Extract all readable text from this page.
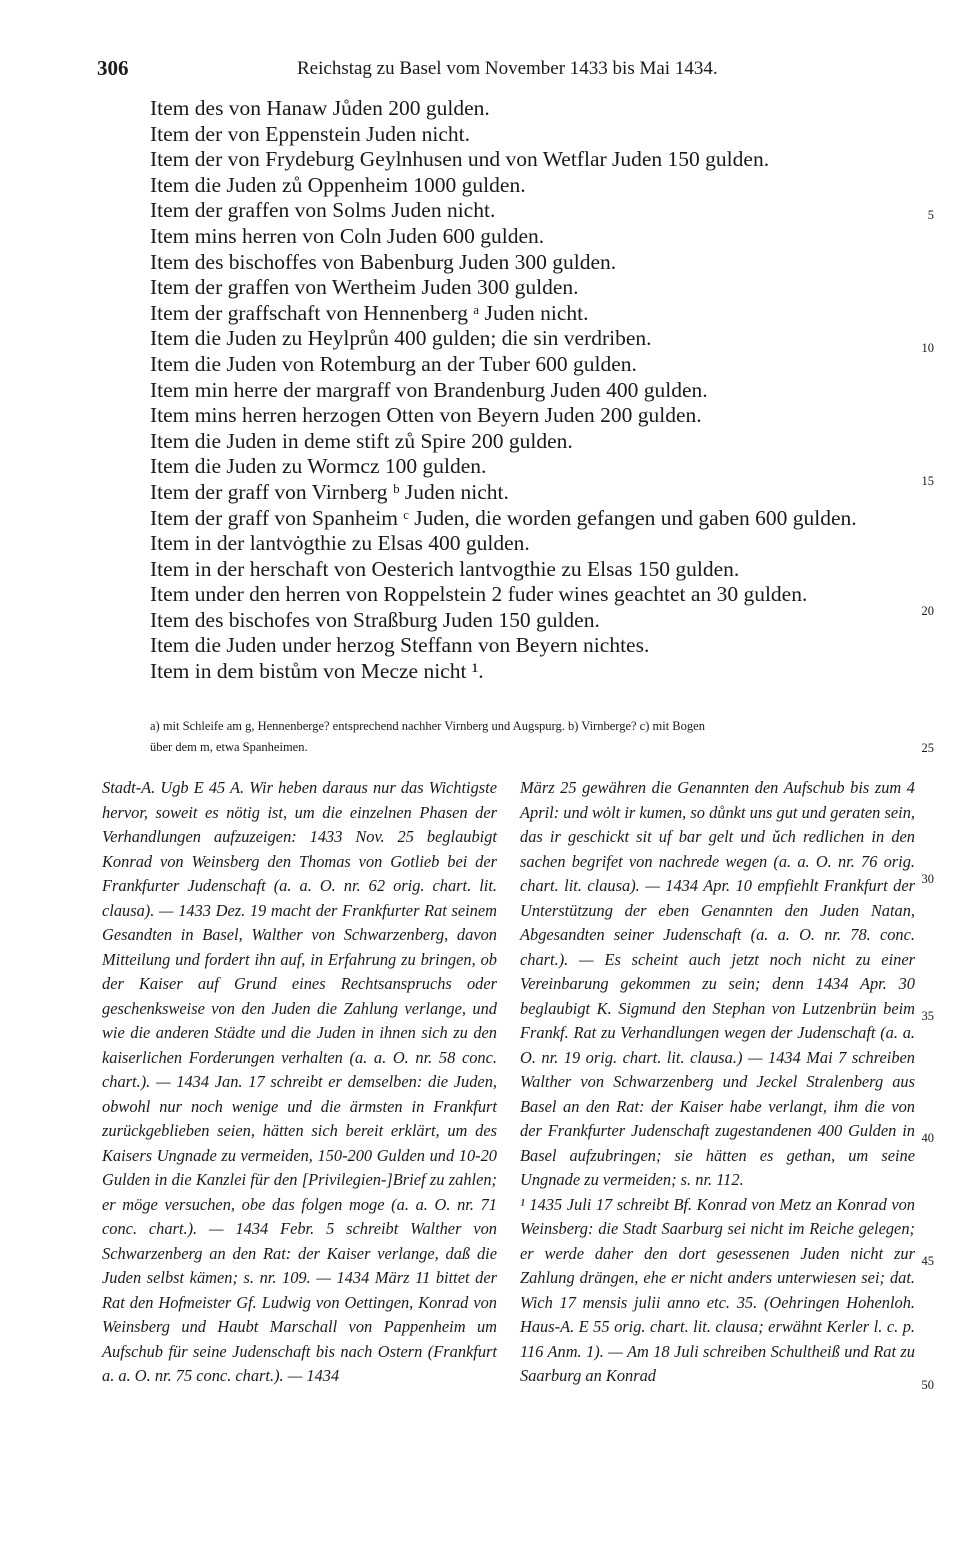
306	Reichstag zu Basel vom November 1433 bis Mai 1434.
Item des von Hanaw Jůden 200 gulden.
Item der von Eppenstein Juden nicht.
Item der von Frydeburg Geylnhusen und von Wetflar Juden 150 gulden.
Item die Juden zů Oppenheim 1000 gulden.
Item der graffen von Solms Juden nicht.
Item mins herren von Coln Juden 600 gulden.
Item des bischoffes von Babenburg Juden 300 gulden.
Item der graffen von Wertheim Juden 300 gulden.
Item der graffschaft von Hennenberg ᵃ Juden nicht.
Item die Juden zu Heylprůn 400 gulden; die sin verdriben.
Item die Juden von Rotemburg an der Tuber 600 gulden.
Item min herre der margraff von Brandenburg Juden 400 gulden.
Item mins herren herzogen Otten von Beyern Juden 200 gulden.
Item die Juden in deme stift zů Spire 200 gulden.
Item die Juden zu Wormcz 100 gulden.
Item der graff von Virnberg ᵇ Juden nicht.
Item der graff von Spanheim ᶜ Juden, die worden gefangen und gaben 600 gulden.
Item in der lantvȯgthie zu Elsas 400 gulden.
Item in der herschaft von Oesterich lantvogthie zu Elsas 150 gulden.
Item under den herren von Roppelstein 2 fuder wines geachtet an 30 gulden.
Item des bischofes von Straßburg Juden 150 gulden.
Item die Juden under herzog Steffann von Beyern nichtes.
Item in dem bistům von Mecze nicht ¹.
5
10
15
20
25
30
35
40
45
50
a) mit Schleife am g, Hennenberge? entsprechend nachher Virnberg und Augspurg. b) Virnberge? c) mit Bogen
über dem m, etwa Spanheimen.

Stadt-A. Ugb E 45 A. Wir heben daraus nur das Wichtigste hervor, soweit es nötig ist, um die einzelnen Phasen der Verhandlungen aufzuzeigen: 1433 Nov. 25 beglaubigt Konrad von Weinsberg den Thomas von Gotlieb bei der Frankfurter Judenschaft (a. a. O. nr. 62 orig. chart. lit. clausa). — 1433 Dez. 19 macht der Frankfurter Rat seinem Gesandten in Basel, Walther von Schwarzenberg, davon Mitteilung und fordert ihn auf, in Erfahrung zu bringen, ob der Kaiser auf Grund eines Rechtsanspruchs oder geschenksweise von den Juden die Zahlung verlange, und wie die anderen Städte und die Juden in ihnen sich zu den kaiserlichen Forderungen verhalten (a. a. O. nr. 58 conc. chart.). — 1434 Jan. 17 schreibt er demselben: die Juden, obwohl nur noch wenige und die ärmsten in Frankfurt zurückgeblieben seien, hätten sich bereit erklärt, um des Kaisers Ungnade zu vermeiden, 150-200 Gulden und 10-20 Gulden in die Kanzlei für den [Privilegien-]Brief zu zahlen; er möge versuchen, obe das folgen moge (a. a. O. nr. 71 conc. chart.). — 1434 Febr. 5 schreibt Walther von Schwarzenberg an den Rat: der Kaiser verlange, daß die Juden selbst kämen; s. nr. 109. — 1434 März 11 bittet der Rat den Hofmeister Gf. Ludwig von Oettingen, Konrad von Weinsberg und Haubt Marschall von Pappenheim um Aufschub für seine Judenschaft bis nach Ostern (Frankfurt a. a. O. nr. 75 conc. chart.). — 1434

März 25 gewähren die Genannten den Aufschub bis zum 4 April: und wȯlt ir kumen, so důnkt uns gut und geraten sein, das ir geschickt sit uf bar gelt und ǔch redlichen in den sachen begrifet von nachrede wegen (a. a. O. nr. 76 orig. chart. lit. clausa). — 1434 Apr. 10 empfiehlt Frankfurt der Unterstützung der eben Genannten den Juden Natan, Abgesandten seiner Judenschaft (a. a. O. nr. 78. conc. chart.). — Es scheint auch jetzt noch nicht zu einer Vereinbarung gekommen zu sein; denn 1434 Apr. 30 beglaubigt K. Sigmund den Stephan von Lutzenbrün beim Frankf. Rat zu Verhandlungen wegen der Judenschaft (a. a. O. nr. 19 orig. chart. lit. clausa.) — 1434 Mai 7 schreiben Walther von Schwarzenberg und Jeckel Stralenberg aus Basel an den Rat: der Kaiser habe verlangt, ihm die von der Frankfurter Judenschaft zugestandenen 400 Gulden in Basel aufzubringen; sie hätten es gethan, um seine Ungnade zu vermeiden; s. nr. 112.

¹ 1435 Juli 17 schreibt Bf. Konrad von Metz an Konrad von Weinsberg: die Stadt Saarburg sei nicht im Reiche gelegen; er werde daher den dort gesessenen Juden nicht zur Zahlung drängen, ehe er nicht anders unterwiesen sei; dat. Wich 17 mensis julii anno etc. 35. (Oehringen Hohenloh. Haus-A. E 55 orig. chart. lit. clausa; erwähnt Kerler l. c. p. 116 Anm. 1). — Am 18 Juli schreiben Schultheiß und Rat zu Saarburg an Konrad
